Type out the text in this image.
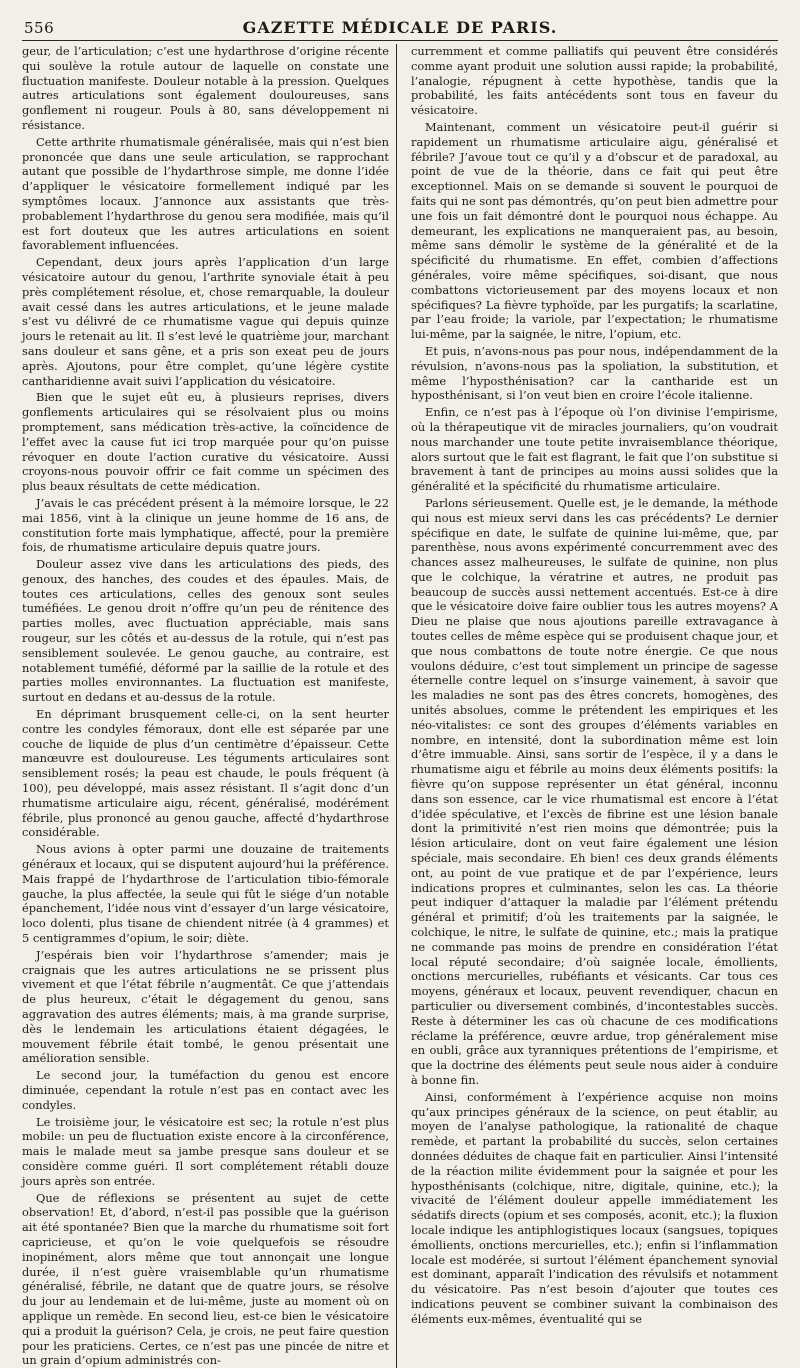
556	GAZETTE MÉDICALE DE PARIS.

geur, de l’articulation; c’est une hydarthrose d’origine récente qui soulève la rotule autour de laquelle on constate une fluctuation manifeste. Douleur notable à la pression. Quelques autres articulations sont également douloureuses, sans gonflement ni rougeur. Pouls à 80, sans développement ni résistance.

Cette arthrite rhumatismale généralisée, mais qui n’est bien prononcée que dans une seule articulation, se rapprochant autant que possible de l’hydarthrose simple, me donne l’idée d’appliquer le vésicatoire formellement indiqué par les symptômes locaux. J’annonce aux assistants que très-probablement l’hydarthrose du genou sera modifiée, mais qu’il est fort douteux que les autres articulations en soient favorablement influencées.

Cependant, deux jours après l’application d’un large vésicatoire autour du genou, l’arthrite synoviale était à peu près complétement résolue, et, chose remarquable, la douleur avait cessé dans les autres articulations, et le jeune malade s’est vu délivré de ce rhumatisme vague qui depuis quinze jours le retenait au lit. Il s’est levé le quatrième jour, marchant sans douleur et sans gêne, et a pris son exeat peu de jours après. Ajoutons, pour être complet, qu’une légère cystite cantharidienne avait suivi l’application du vésicatoire.

Bien que le sujet eût eu, à plusieurs reprises, divers gonflements articulaires qui se résolvaient plus ou moins promptement, sans médication très-active, la coïncidence de l’effet avec la cause fut ici trop marquée pour qu’on puisse révoquer en doute l’action curative du vésicatoire. Aussi croyons-nous pouvoir offrir ce fait comme un spécimen des plus beaux résultats de cette médication.

J’avais le cas précédent présent à la mémoire lorsque, le 22 mai 1856, vint à la clinique un jeune homme de 16 ans, de constitution forte mais lymphatique, affecté, pour la première fois, de rhumatisme articulaire depuis quatre jours.

Douleur assez vive dans les articulations des pieds, des genoux, des hanches, des coudes et des épaules. Mais, de toutes ces articulations, celles des genoux sont seules tuméfiées. Le genou droit n’offre qu’un peu de rénitence des parties molles, avec fluctuation appréciable, mais sans rougeur, sur les côtés et au-dessus de la rotule, qui n’est pas sensiblement soulevée. Le genou gauche, au contraire, est notablement tuméfié, déformé par la saillie de la rotule et des parties molles environnantes. La fluctuation est manifeste, surtout en dedans et au-dessus de la rotule.

En déprimant brusquement celle-ci, on la sent heurter contre les condyles fémoraux, dont elle est séparée par une couche de liquide de plus d’un centimètre d’épaisseur. Cette manœuvre est douloureuse. Les téguments articulaires sont sensiblement rosés; la peau est chaude, le pouls fréquent (à 100), peu développé, mais assez résistant. Il s’agit donc d’un rhumatisme articulaire aigu, récent, généralisé, modérément fébrile, plus prononcé au genou gauche, affecté d’hydarthrose considérable.

Nous avions à opter parmi une douzaine de traitements généraux et locaux, qui se disputent aujourd’hui la préférence. Mais frappé de l’hydarthrose de l’articulation tibio-fémorale gauche, la plus affectée, la seule qui fût le siége d’un notable épanchement, l’idée nous vint d’essayer d’un large vésicatoire, loco dolenti, plus tisane de chiendent nitrée (à 4 grammes) et 5 centigrammes d’opium, le soir; diète.

J’espérais bien voir l’hydarthrose s’amender; mais je craignais que les autres articulations ne se prissent plus vivement et que l’état fébrile n’augmentât. Ce que j’attendais de plus heureux, c’était le dégagement du genou, sans aggravation des autres éléments; mais, à ma grande surprise, dès le lendemain les articulations étaient dégagées, le mouvement fébrile était tombé, le genou présentait une amélioration sensible.

Le second jour, la tuméfaction du genou est encore diminuée, cependant la rotule n’est pas en contact avec les condyles.

Le troisième jour, le vésicatoire est sec; la rotule n’est plus mobile: un peu de fluctuation existe encore à la circonférence, mais le malade meut sa jambe presque sans douleur et se considère comme guéri. Il sort complétement rétabli douze jours après son entrée.

Que de réflexions se présentent au sujet de cette observation! Et, d’abord, n’est-il pas possible que la guérison ait été spontanée? Bien que la marche du rhumatisme soit fort capricieuse, et qu’on le voie quelquefois se résoudre inopinément, alors même que tout annonçait une longue durée, il n’est guère vraisemblable qu’un rhumatisme généralisé, fébrile, ne datant que de quatre jours, se résolve du jour au lendemain et de lui-même, juste au moment où on applique un remède. En second lieu, est-ce bien le vésicatoire qui a produit la guérison? Cela, je crois, ne peut faire question pour les praticiens. Certes, ce n’est pas une pincée de nitre et un grain d’opium administrés con-

curremment et comme palliatifs qui peuvent être considérés comme ayant produit une solution aussi rapide; la probabilité, l’analogie, répugnent à cette hypothèse, tandis que la probabilité, les faits antécédents sont tous en faveur du vésicatoire.

Maintenant, comment un vésicatoire peut-il guérir si rapidement un rhumatisme articulaire aigu, généralisé et fébrile? J’avoue tout ce qu’il y a d’obscur et de paradoxal, au point de vue de la théorie, dans ce fait qui peut être exceptionnel. Mais on se demande si souvent le pourquoi de faits qui ne sont pas démontrés, qu’on peut bien admettre pour une fois un fait démontré dont le pourquoi nous échappe. Au demeurant, les explications ne manqueraient pas, au besoin, même sans démolir le système de la généralité et de la spécificité du rhumatisme. En effet, combien d’affections générales, voire même spécifiques, soi-disant, que nous combattons victorieusement par des moyens locaux et non spécifiques? La fièvre typhoïde, par les purgatifs; la scarlatine, par l’eau froide; la variole, par l’expectation; le rhumatisme lui-même, par la saignée, le nitre, l’opium, etc.

Et puis, n’avons-nous pas pour nous, indépendamment de la révulsion, n’avons-nous pas la spoliation, la substitution, et même l’hyposthénisation? car la cantharide est un hyposthénisant, si l’on veut bien en croire l’école italienne.

Enfin, ce n’est pas à l’époque où l’on divinise l’empirisme, où la thérapeutique vit de miracles journaliers, qu’on voudrait nous marchander une toute petite invraisemblance théorique, alors surtout que le fait est flagrant, le fait que l’on substitue si bravement à tant de principes au moins aussi solides que la généralité et la spécificité du rhumatisme articulaire.

Parlons sérieusement. Quelle est, je le demande, la méthode qui nous est mieux servi dans les cas précédents? Le dernier spécifique en date, le sulfate de quinine lui-même, que, par parenthèse, nous avons expérimenté concurremment avec des chances assez malheureuses, le sulfate de quinine, non plus que le colchique, la vératrine et autres, ne produit pas beaucoup de succès aussi nettement accentués. Est-ce à dire que le vésicatoire doive faire oublier tous les autres moyens? A Dieu ne plaise que nous ajoutions pareille extravagance à toutes celles de même espèce qui se produisent chaque jour, et que nous combattons de toute notre énergie. Ce que nous voulons déduire, c’est tout simplement un principe de sagesse éternelle contre lequel on s’insurge vainement, à savoir que les maladies ne sont pas des êtres concrets, homogènes, des unités absolues, comme le prétendent les empiriques et les néo-vitalistes: ce sont des groupes d’éléments variables en nombre, en intensité, dont la subordination même est loin d’être immuable. Ainsi, sans sortir de l’espèce, il y a dans le rhumatisme aigu et fébrile au moins deux éléments positifs: la fièvre qu’on suppose représenter un état général, inconnu dans son essence, car le vice rhumatismal est encore à l’état d’idée spéculative, et l’excès de fibrine est une lésion banale dont la primitivité n’est rien moins que démontrée; puis la lésion articulaire, dont on veut faire également une lésion spéciale, mais secondaire. Eh bien! ces deux grands éléments ont, au point de vue pratique et de par l’expérience, leurs indications propres et culminantes, selon les cas. La théorie peut indiquer d’attaquer la maladie par l’élément prétendu général et primitif; d’où les traitements par la saignée, le colchique, le nitre, le sulfate de quinine, etc.; mais la pratique ne commande pas moins de prendre en considération l’état local réputé secondaire; d’où saignée locale, émollients, onctions mercurielles, rubéfiants et vésicants. Car tous ces moyens, généraux et locaux, peuvent revendiquer, chacun en particulier ou diversement combinés, d’incontestables succès. Reste à déterminer les cas où chacune de ces modifications réclame la préférence, œuvre ardue, trop généralement mise en oubli, grâce aux tyranniques prétentions de l’empirisme, et que la doctrine des éléments peut seule nous aider à conduire à bonne fin.

Ainsi, conformément à l’expérience acquise non moins qu’aux principes généraux de la science, on peut établir, au moyen de l’analyse pathologique, la rationalité de chaque remède, et partant la probabilité du succès, selon certaines données déduites de chaque fait en particulier. Ainsi l’intensité de la réaction milite évidemment pour la saignée et pour les hyposthénisants (colchique, nitre, digitale, quinine, etc.); la vivacité de l’élément douleur appelle immédiatement les sédatifs directs (opium et ses composés, aconit, etc.); la fluxion locale indique les antiphlogistiques locaux (sangsues, topiques émollients, onctions mercurielles, etc.); enfin si l’inflammation locale est modérée, si surtout l’élément épanchement synovial est dominant, apparaît l’indication des révulsifs et notamment du vésicatoire. Pas n’est besoin d’ajouter que toutes ces indications peuvent se combiner suivant la combinaison des éléments eux-mêmes, éventualité qui se
